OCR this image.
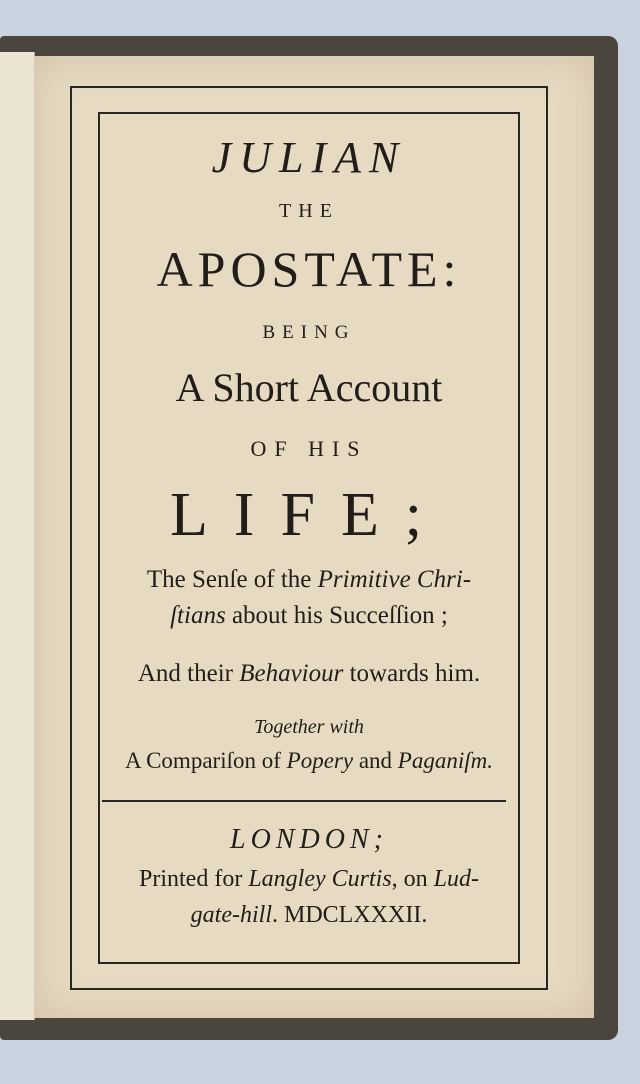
JULIAN
THE
APOSTATE:
BEING
A Short Account
OF HIS
LIFE;
The Senſe of the Primitive Chri-
ſtians about his Succeſſion ;
And their Behaviour towards him.
Together with
A Compariſon of Popery and Paganiſm.
LONDON;
Printed for Langley Curtis, on Lud-
gate-hill. MDCLXXXII.
